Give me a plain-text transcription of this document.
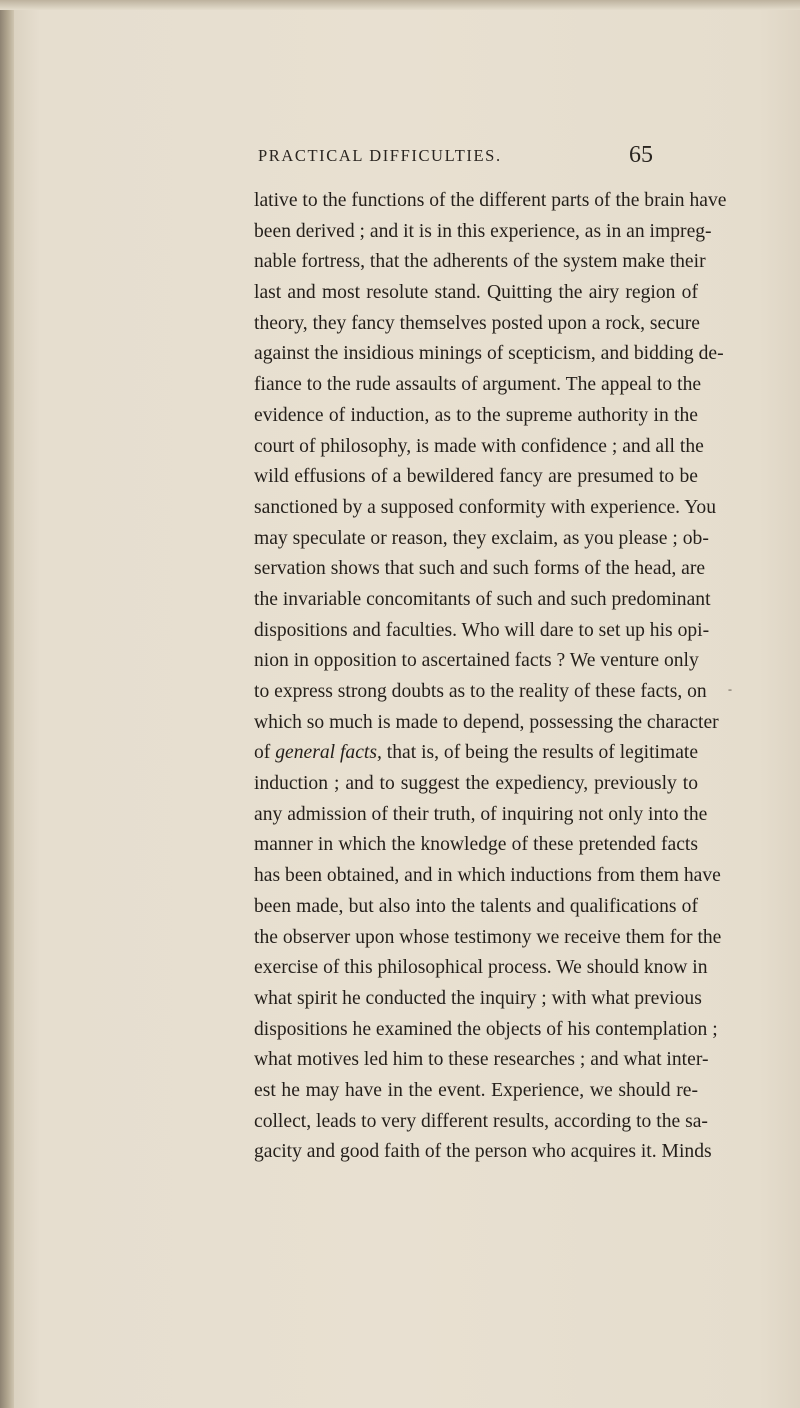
PRACTICAL DIFFICULTIES.	65
-
lative to the functions of the different parts of the brain have
been derived ; and it is in this experience, as in an impreg-
nable fortress, that the adherents of the system make their
last and most resolute stand. Quitting the airy region of
theory, they fancy themselves posted upon a rock, secure
against the insidious minings of scepticism, and bidding de-
fiance to the rude assaults of argument. The appeal to the
evidence of induction, as to the supreme authority in the
court of philosophy, is made with confidence ; and all the
wild effusions of a bewildered fancy are presumed to be
sanctioned by a supposed conformity with experience. You
may speculate or reason, they exclaim, as you please ; ob-
servation shows that such and such forms of the head, are
the invariable concomitants of such and such predominant
dispositions and faculties. Who will dare to set up his opi-
nion in opposition to ascertained facts ? We venture only
to express strong doubts as to the reality of these facts, on
which so much is made to depend, possessing the character
of general facts, that is, of being the results of legitimate
induction ; and to suggest the expediency, previously to
any admission of their truth, of inquiring not only into the
manner in which the knowledge of these pretended facts
has been obtained, and in which inductions from them have
been made, but also into the talents and qualifications of
the observer upon whose testimony we receive them for the
exercise of this philosophical process. We should know in
what spirit he conducted the inquiry ; with what previous
dispositions he examined the objects of his contemplation ;
what motives led him to these researches ; and what inter-
est he may have in the event. Experience, we should re-
collect, leads to very different results, according to the sa-
gacity and good faith of the person who acquires it. Minds
